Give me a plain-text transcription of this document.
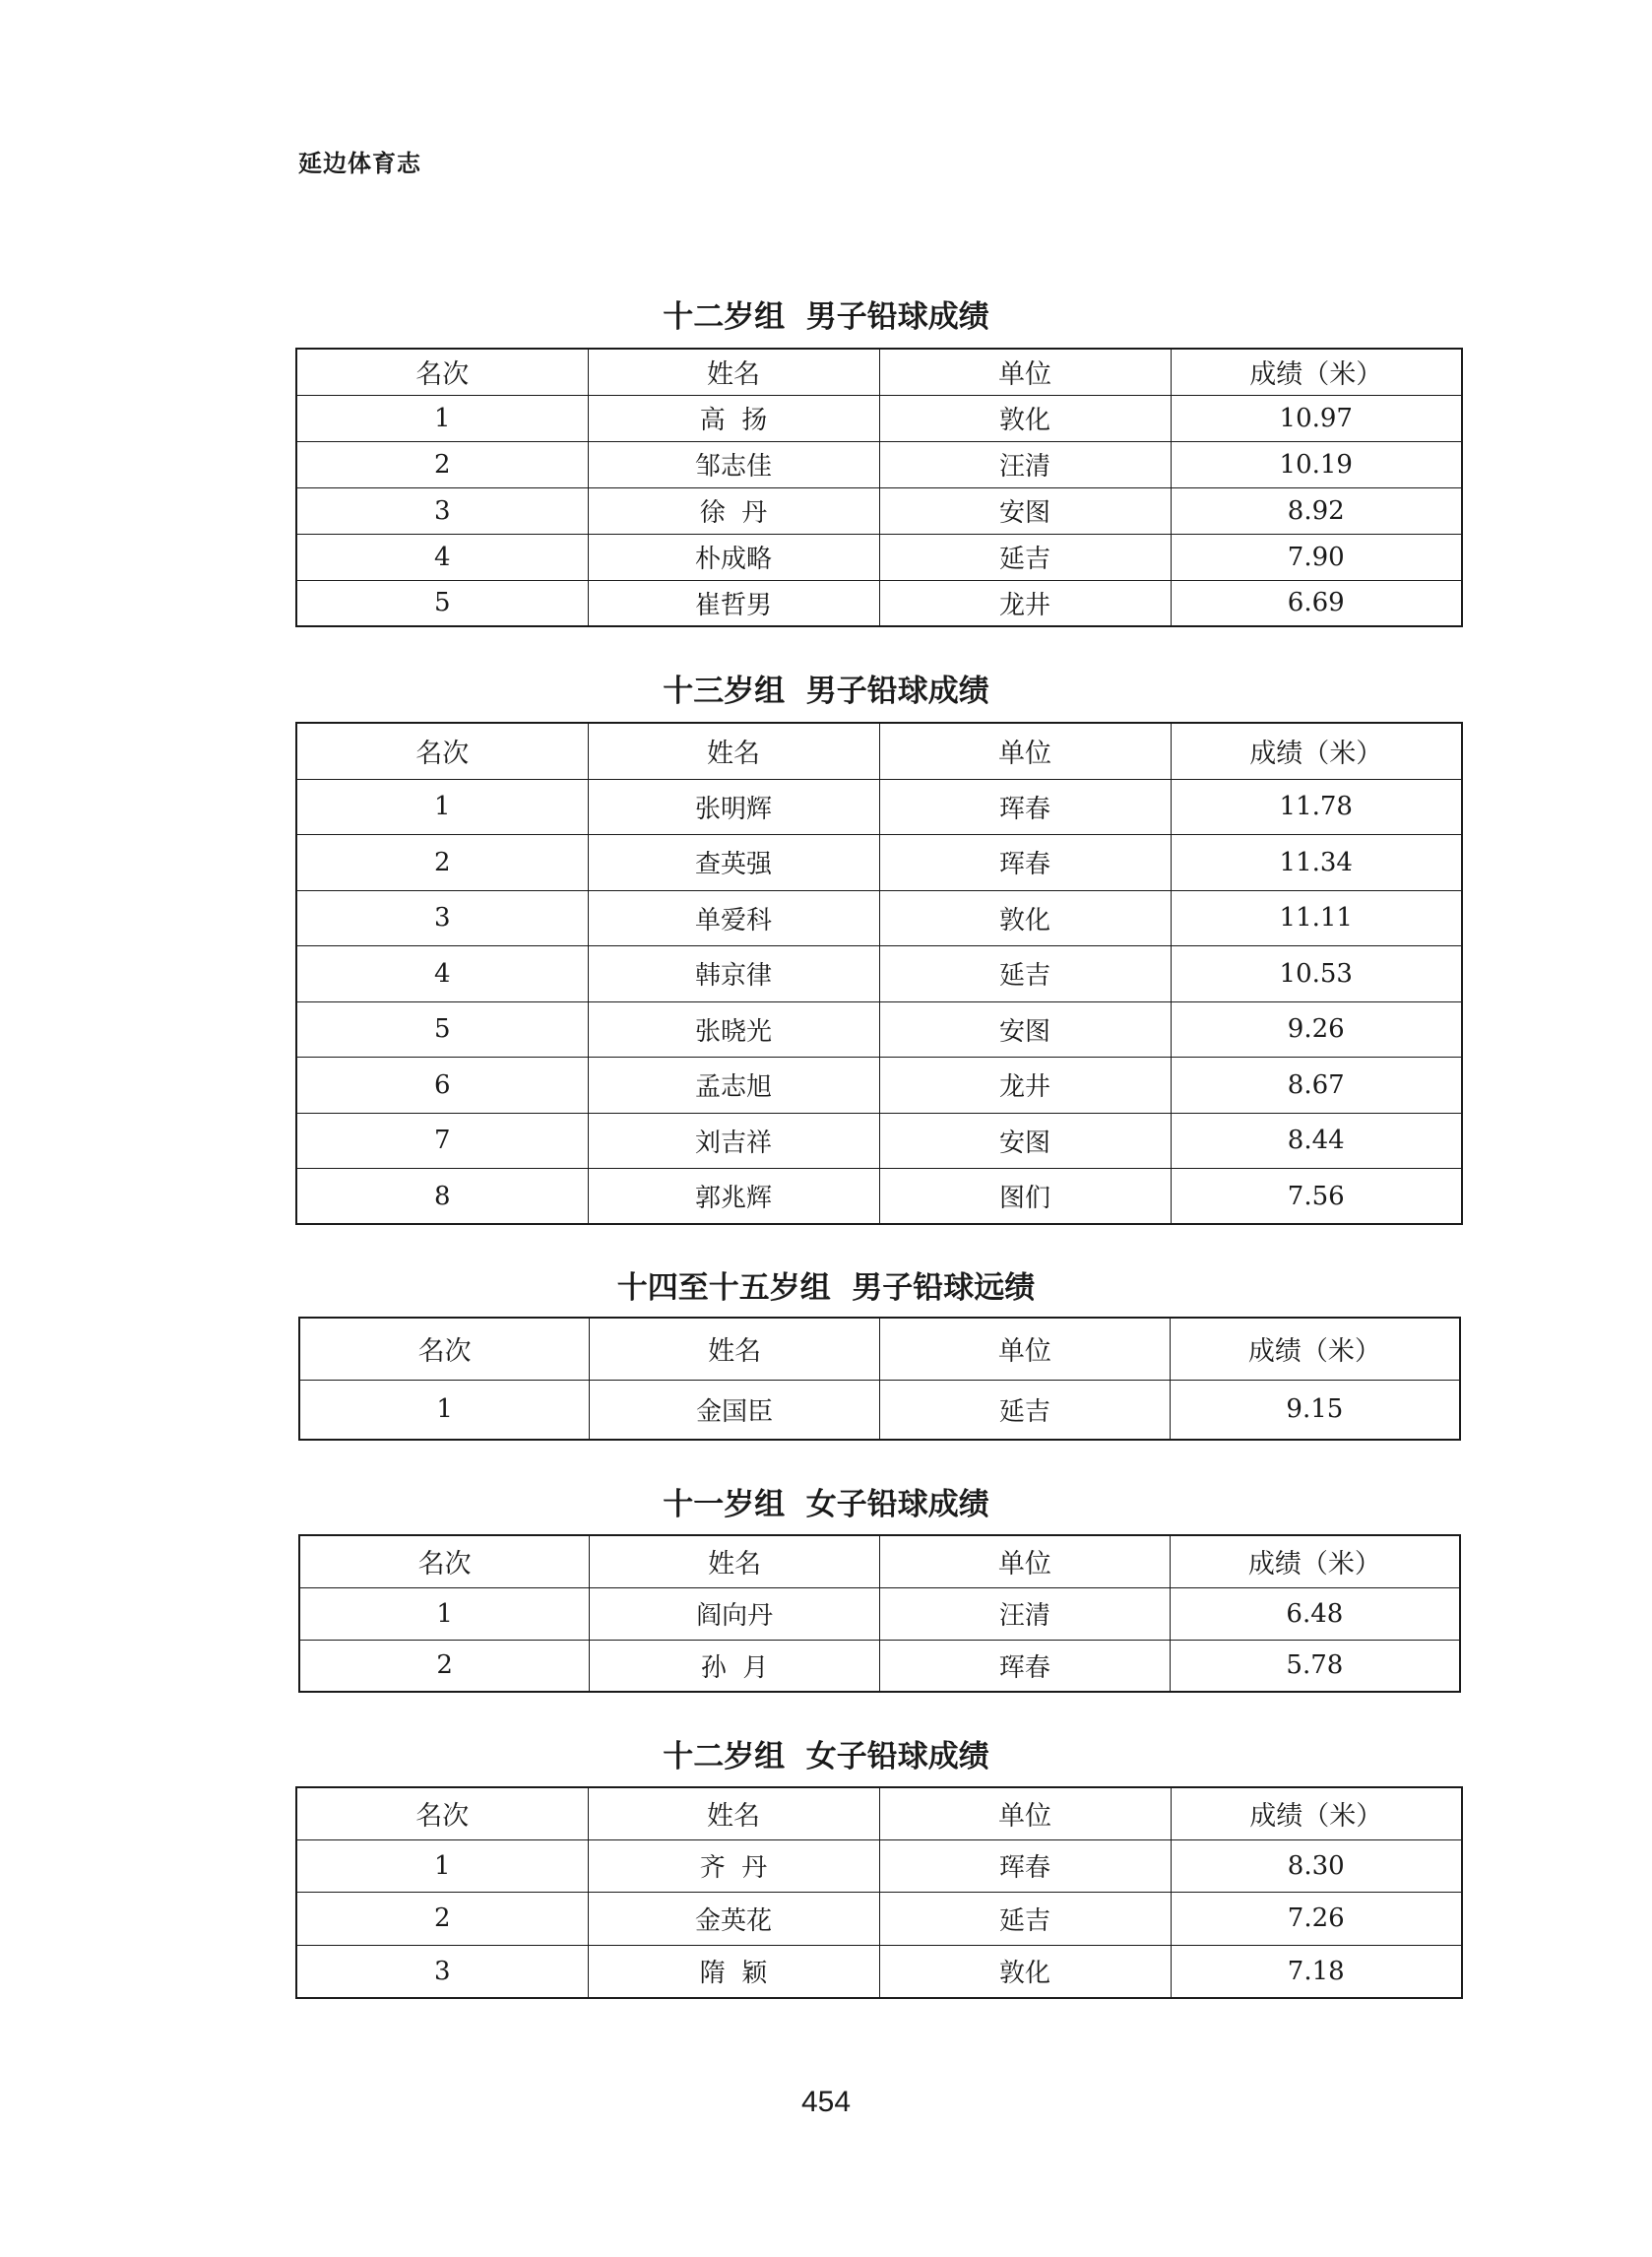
延边体育志
十二岁组  男子铅球成绩
名次	姓名	单位	成绩（米）
1	高  扬	敦化	10.97
2	邹志佳	汪清	10.19
3	徐  丹	安图	8.92
4	朴成略	延吉	7.90
5	崔哲男	龙井	6.69
十三岁组  男子铅球成绩
名次	姓名	单位	成绩（米）
1	张明辉	珲春	11.78
2	查英强	珲春	11.34
3	单爱科	敦化	11.11
4	韩京律	延吉	10.53
5	张晓光	安图	9.26
6	孟志旭	龙井	8.67
7	刘吉祥	安图	8.44
8	郭兆辉	图们	7.56
十四至十五岁组  男子铅球远绩
名次	姓名	单位	成绩（米）
1	金国臣	延吉	9.15
十一岁组  女子铅球成绩
名次	姓名	单位	成绩（米）
1	阎向丹	汪清	6.48
2	孙  月	珲春	5.78
十二岁组  女子铅球成绩
名次	姓名	单位	成绩（米）
1	齐  丹	珲春	8.30
2	金英花	延吉	7.26
3	隋  颖	敦化	7.18
454
